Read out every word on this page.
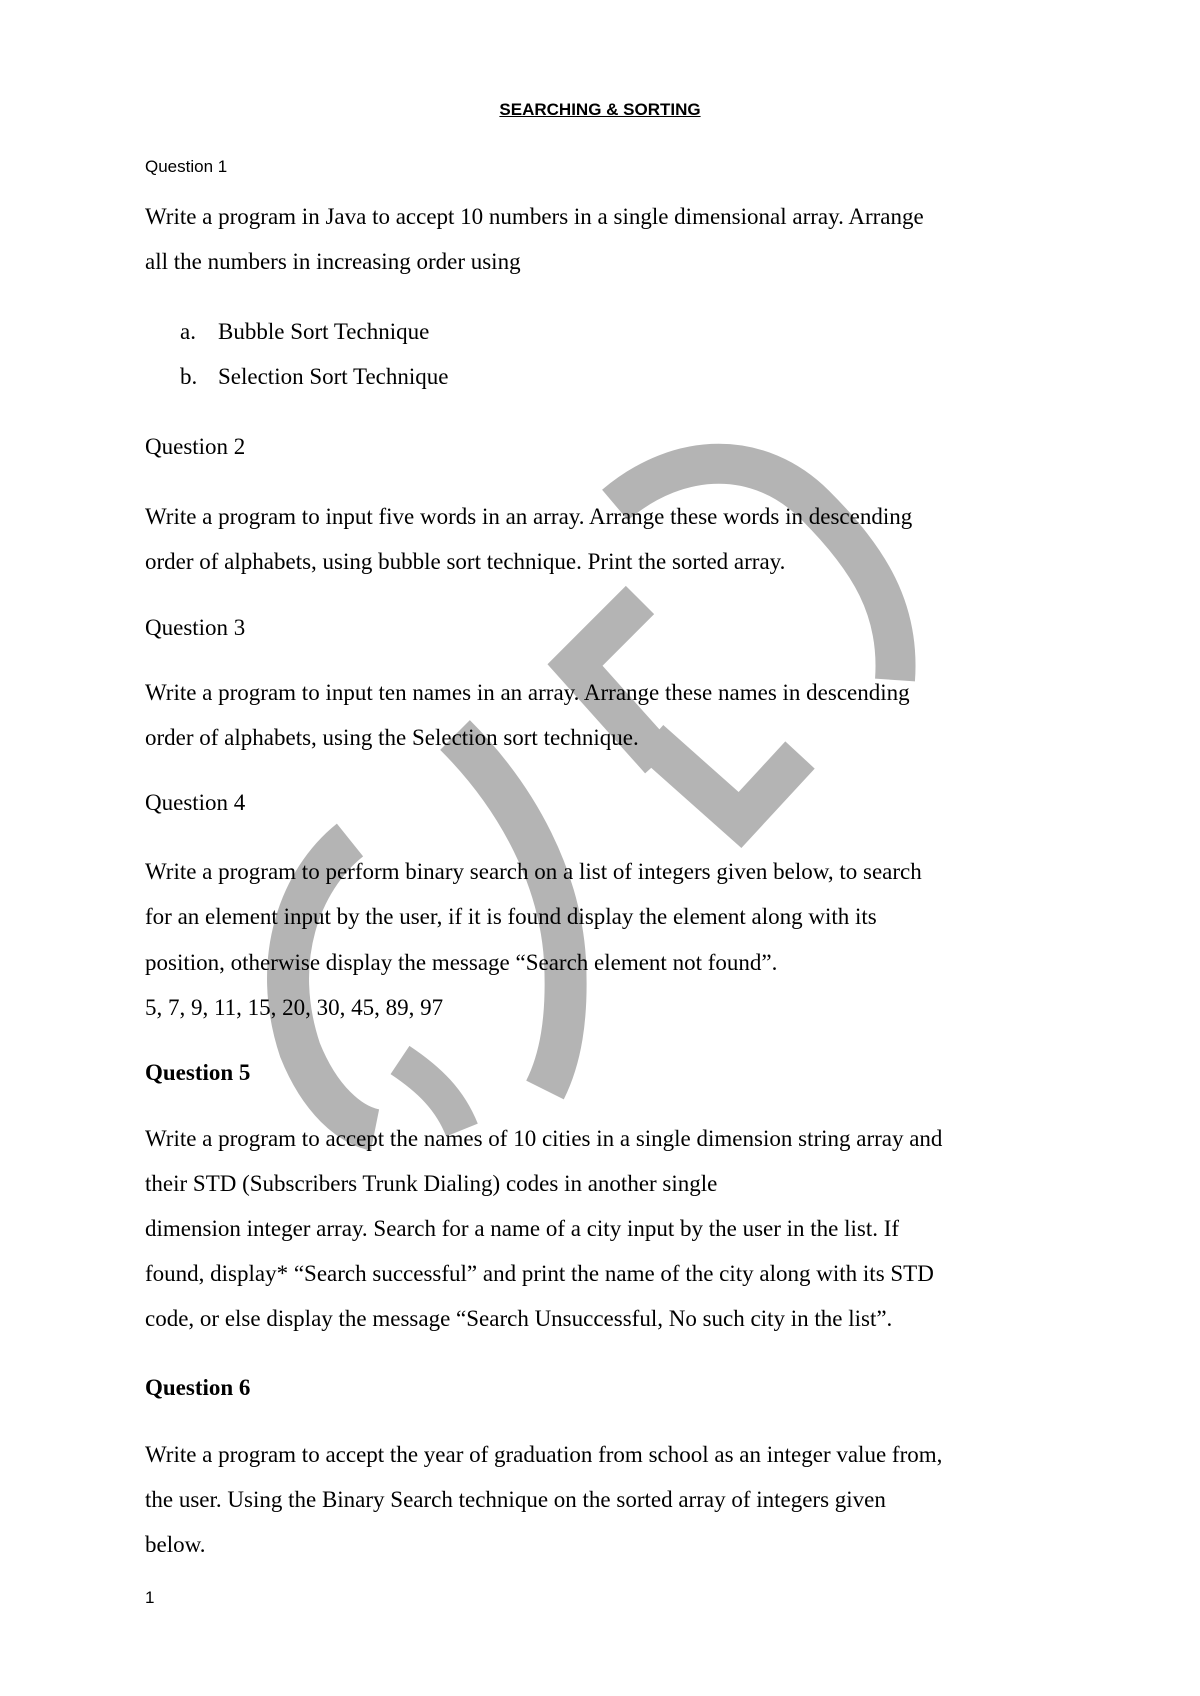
SEARCHING & SORTING
Question 1
Write a program in Java to accept 10 numbers in a single dimensional array. Arrange
all the numbers in increasing order using
a. Bubble Sort Technique
b. Selection Sort Technique
Question 2
Write a program to input five words in an array. Arrange these words in descending
order of alphabets, using bubble sort technique. Print the sorted array.
Question 3
Write a program to input ten names in an array. Arrange these names in descending
order of alphabets, using the Selection sort technique.
Question 4
Write a program to perform binary search on a list of integers given below, to search
for an element input by the user, if it is found display the element along with its
position, otherwise display the message “Search element not found”.
5, 7, 9, 11, 15, 20, 30, 45, 89, 97
Question 5
Write a program to accept the names of 10 cities in a single dimension string array and
their STD (Subscribers Trunk Dialing) codes in another single
dimension integer array. Search for a name of a city input by the user in the list. If
found, display* “Search successful” and print the name of the city along with its STD
code, or else display the message “Search Unsuccessful, No such city in the list”.
Question 6
Write a program to accept the year of graduation from school as an integer value from,
the user. Using the Binary Search technique on the sorted array of integers given
below.
1
